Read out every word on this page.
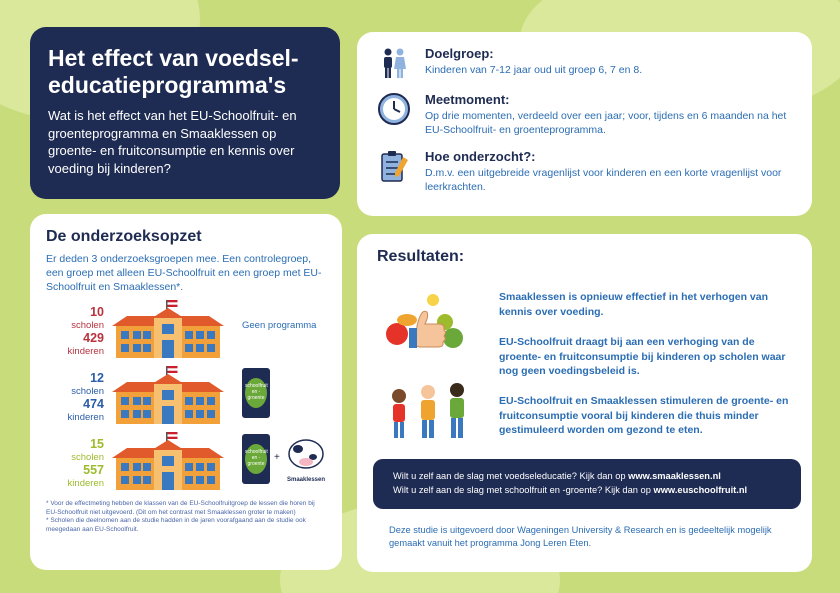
Het effect van voedsel-educatieprogramma's

Wat is het effect van het EU-Schoolfruit- en groenteprogramma en Smaaklessen op groente- en fruitconsumptie en kennis over voeding bij kinderen?

Doelgroep:

Kinderen van 7-12 jaar oud uit groep 6, 7 en 8.

Meetmoment:

Op drie momenten, verdeeld over een jaar; voor, tijdens en 6 maanden na het EU-Schoolfruit- en groenteprogramma.

Hoe onderzocht?:

D.m.v. een uitgebreide vragenlijst voor kinderen en een korte vragenlijst voor leerkrachten.

De onderzoeksopzet

Er deden 3 onderzoeksgroepen mee. Een controlegroep, een groep met alleen EU-Schoolfruit en een groep met EU-Schoolfruit en Smaaklessen*.

10
scholen
429
kinderen
Geen programma
12
scholen
474
kinderen
schoolfruit en -groente
15
scholen
557
kinderen
schoolfruit en -groente
+
Smaaklessen

* Voor de effectmeting hebben de klassen van de EU-Schoolfruitgroep de lessen die horen bij EU-Schoolfruit niet uitgevoerd. (Dit om het contrast met Smaaklessen groter te maken)

* Scholen die deelnomen aan de studie hadden in de jaren voorafgaand aan de studie ook meegedaan aan EU-Schoolfruit.

Resultaten:
Smaaklessen is opnieuw effectief in het verhogen van kennis over voeding.
EU-Schoolfruit draagt bij aan een verhoging van de groente- en fruitconsumptie bij kinderen op scholen waar nog geen voedingsbeleid is.
EU-Schoolfruit en Smaaklessen stimuleren de groente- en fruitconsumptie vooral bij kinderen die thuis minder gestimuleerd worden om gezond te eten.
Wilt u zelf aan de slag met voedseleducatie? Kijk dan op www.smaaklessen.nl
Wilt u zelf aan de slag met schoolfruit en -groente? Kijk dan op www.euschoolfruit.nl

Deze studie is uitgevoerd door Wageningen University & Research en is gedeeltelijk mogelijk gemaakt vanuit het programma Jong Leren Eten.
